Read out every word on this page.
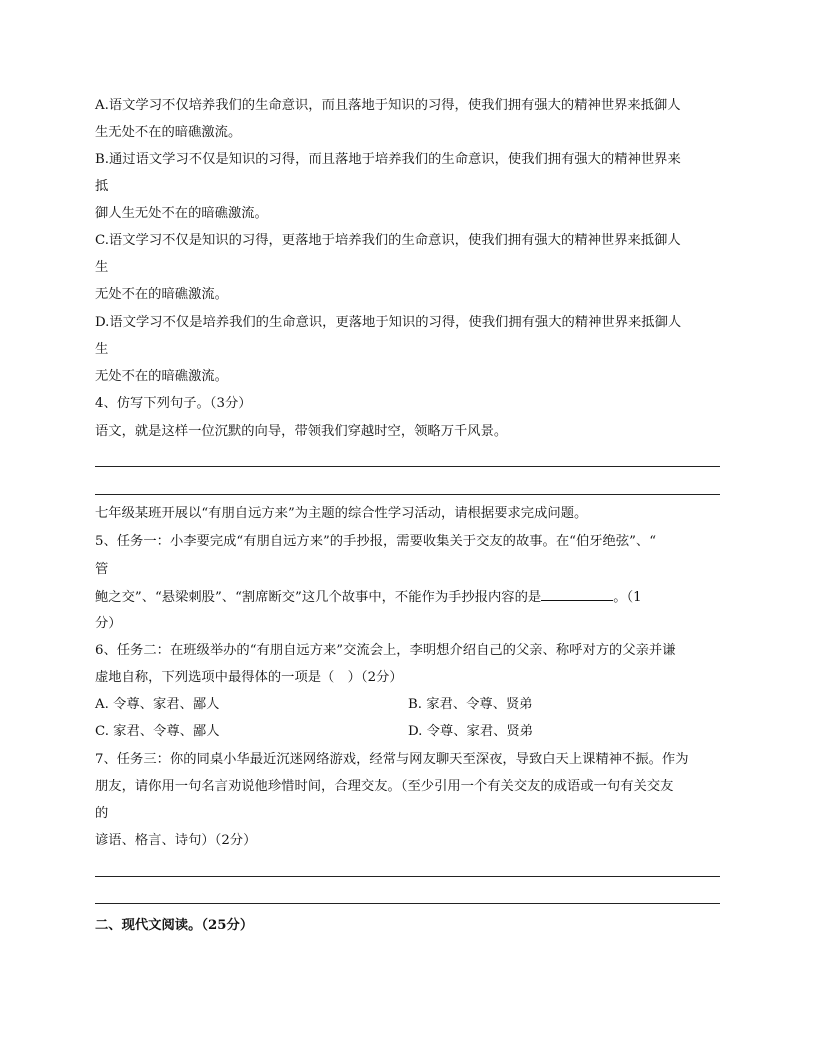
A.语文学习不仅培养我们的生命意识，而且落地于知识的习得，使我们拥有强大的精神世界来抵御人
生无处不在的暗礁激流。
B.通过语文学习不仅是知识的习得，而且落地于培养我们的生命意识，使我们拥有强大的精神世界来
抵
御人生无处不在的暗礁激流。
C.语文学习不仅是知识的习得，更落地于培养我们的生命意识，使我们拥有强大的精神世界来抵御人
生
无处不在的暗礁激流。
D.语文学习不仅是培养我们的生命意识，更落地于知识的习得，使我们拥有强大的精神世界来抵御人
生
无处不在的暗礁激流。
4、仿写下列句子。（3分）
语文，就是这样一位沉默的向导，带领我们穿越时空，领略万千风景。
七年级某班开展以“有朋自远方来”为主题的综合性学习活动，请根据要求完成问题。
5、任务一：小李要完成“有朋自远方来”的手抄报，需要收集关于交友的故事。在“伯牙绝弦”、“
管
鲍之交”、“悬梁刺股”、“割席断交”这几个故事中，不能作为手抄报内容的是	。（1
分）
6、任务二：在班级举办的“有朋自远方来”交流会上，李明想介绍自己的父亲、称呼对方的父亲并谦
虚地自称，下列选项中最得体的一项是（　）（2分）
A. 令尊、家君、鄙人	B. 家君、令尊、贤弟
C. 家君、令尊、鄙人	D. 令尊、家君、贤弟
7、任务三：你的同桌小华最近沉迷网络游戏，经常与网友聊天至深夜，导致白天上课精神不振。作为
朋友，请你用一句名言劝说他珍惜时间，合理交友。（至少引用一个有关交友的成语或一句有关交友
的
谚语、格言、诗句）（2分）
二、现代文阅读。（25分）
